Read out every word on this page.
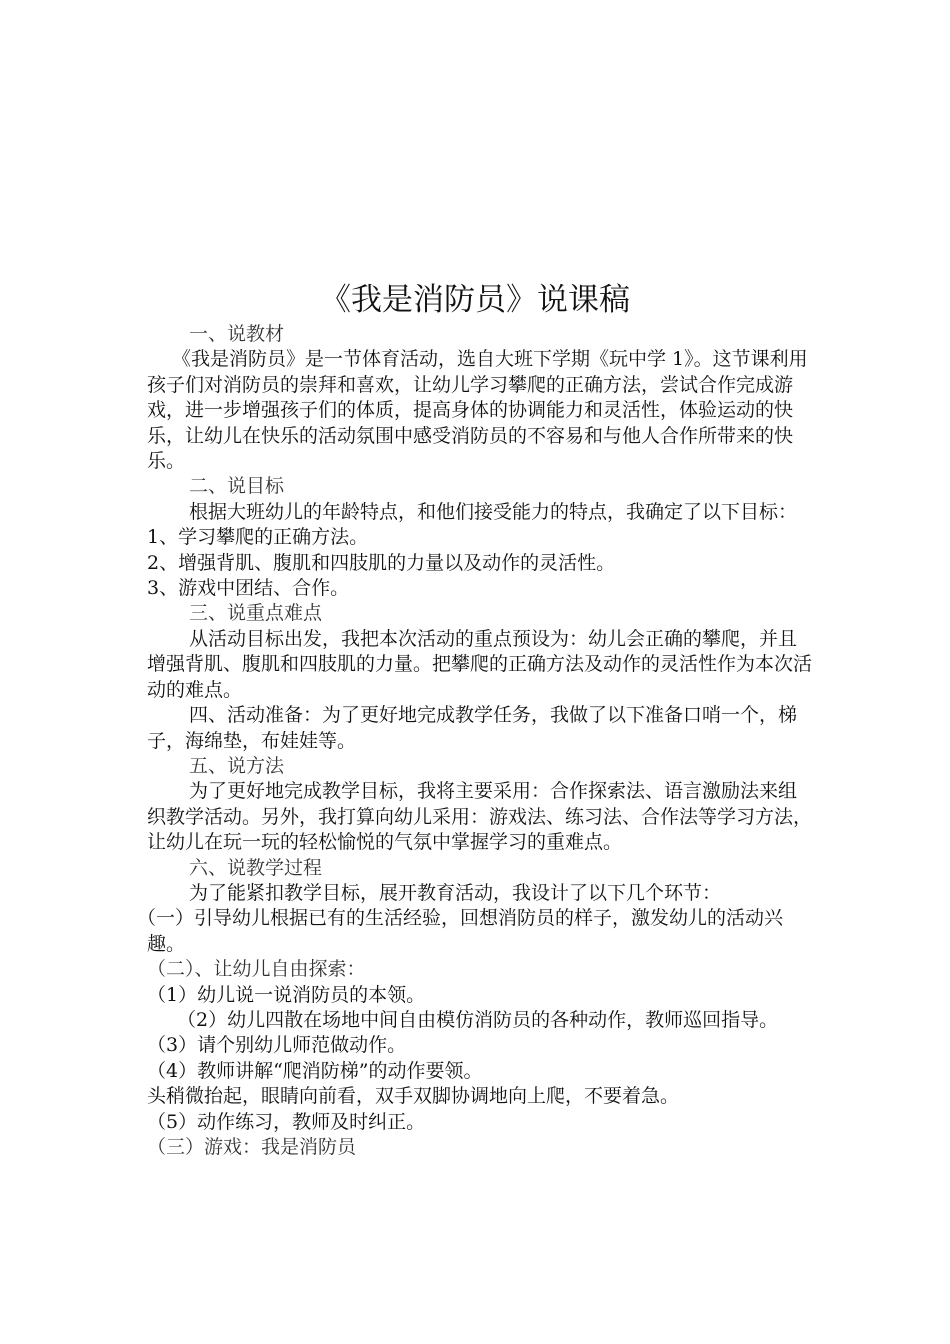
《我是消防员》说课稿

一、说教材

《我是消防员》是一节体育活动，选自大班下学期《玩中学 1》。这节课利用孩子们对消防员的崇拜和喜欢，让幼儿学习攀爬的正确方法，尝试合作完成游戏，进一步增强孩子们的体质，提高身体的协调能力和灵活性，体验运动的快乐，让幼儿在快乐的活动氛围中感受消防员的不容易和与他人合作所带来的快乐。

二、说目标

根据大班幼儿的年龄特点，和他们接受能力的特点，我确定了以下目标：

1、学习攀爬的正确方法。

2、增强背肌、腹肌和四肢肌的力量以及动作的灵活性。

3、游戏中团结、合作。

三、说重点难点

从活动目标出发，我把本次活动的重点预设为：幼儿会正确的攀爬，并且增强背肌、腹肌和四肢肌的力量。把攀爬的正确方法及动作的灵活性作为本次活动的难点。

四、活动准备：为了更好地完成教学任务，我做了以下准备口哨一个，梯子，海绵垫，布娃娃等。

五、说方法

为了更好地完成教学目标，我将主要采用：合作探索法、语言激励法来组织教学活动。另外，我打算向幼儿采用：游戏法、练习法、合作法等学习方法，让幼儿在玩一玩的轻松愉悦的气氛中掌握学习的重难点。

六、说教学过程

为了能紧扣教学目标，展开教育活动，我设计了以下几个环节：

（一）引导幼儿根据已有的生活经验，回想消防员的样子，激发幼儿的活动兴趣。

（二）、让幼儿自由探索：

（1）幼儿说一说消防员的本领。

（2）幼儿四散在场地中间自由模仿消防员的各种动作，教师巡回指导。

（3）请个别幼儿师范做动作。

（4）教师讲解“爬消防梯”的动作要领。

头稍微抬起，眼睛向前看，双手双脚协调地向上爬，不要着急。

（5）动作练习，教师及时纠正。

（三）游戏：我是消防员
